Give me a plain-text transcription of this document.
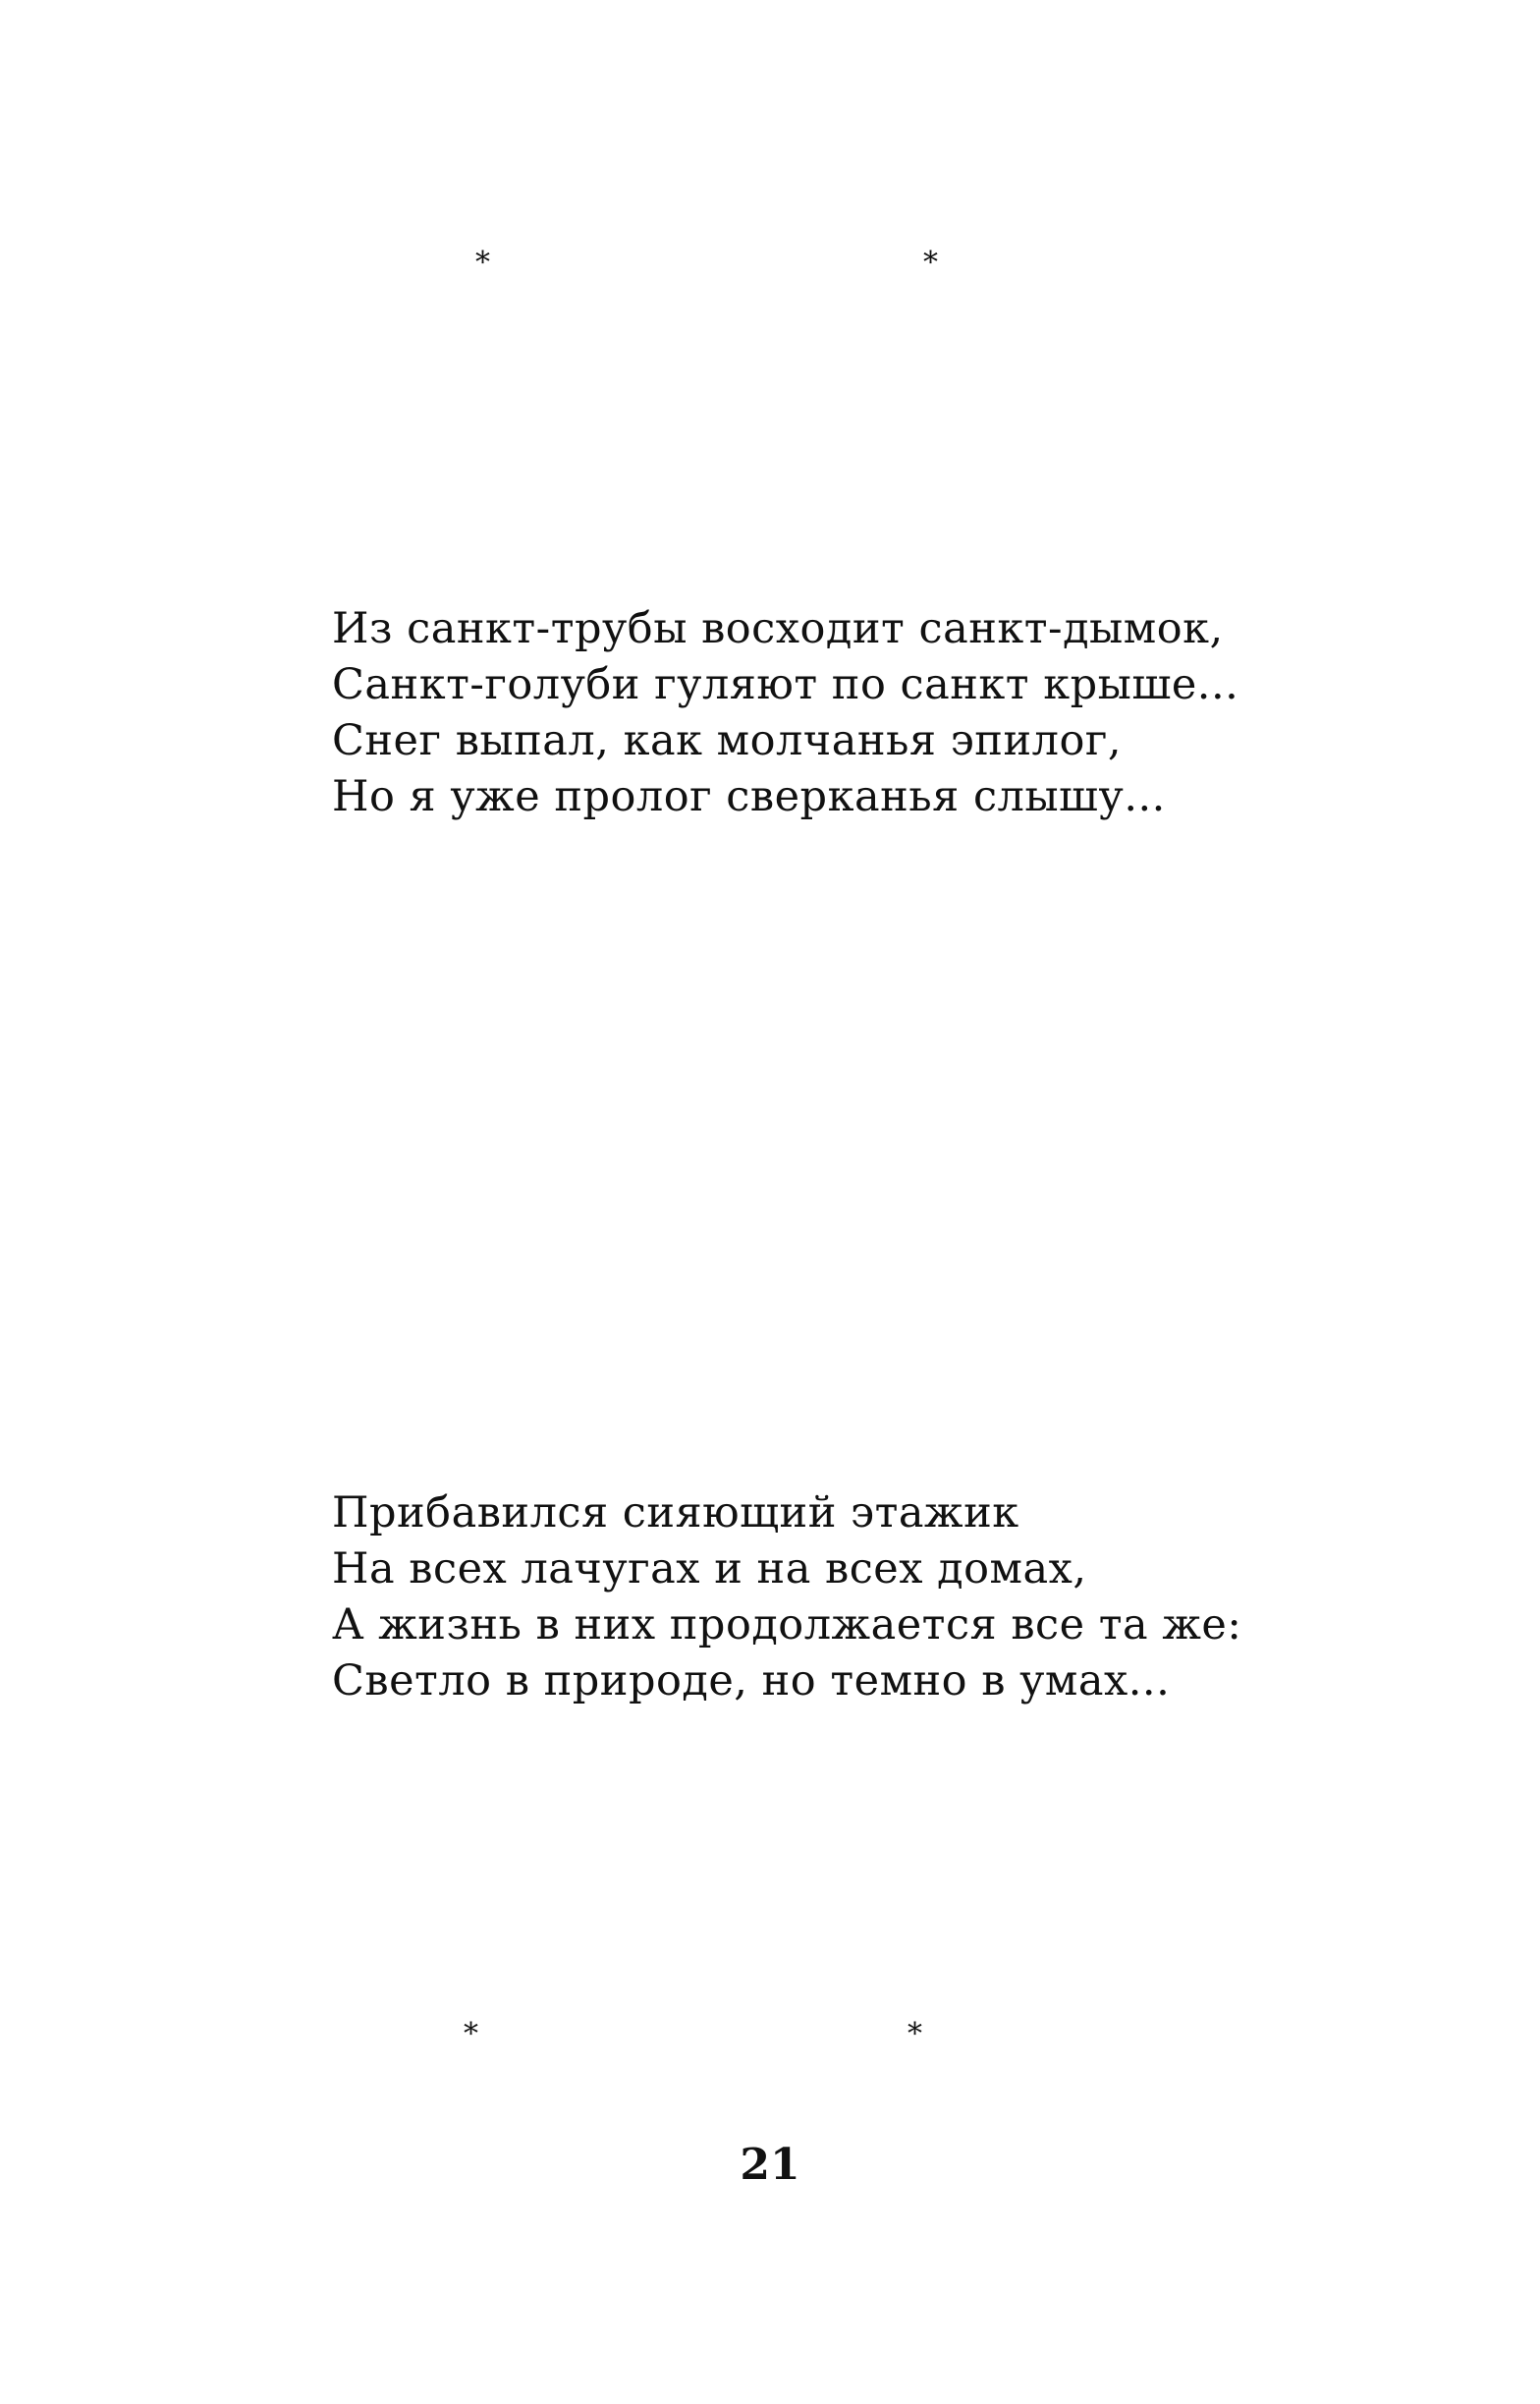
*	*
Из санкт-трубы восходит санкт-дымок,
Санкт-голуби гуляют по санкт крыше...
Снег выпал, как молчанья эпилог,
Но я уже пролог сверканья слышу...
Прибавился сияющий этажик
На всех лачугах и на всех домах,
А жизнь в них продолжается все та же:
Светло в природе, но темно в умах...
*	*
21
